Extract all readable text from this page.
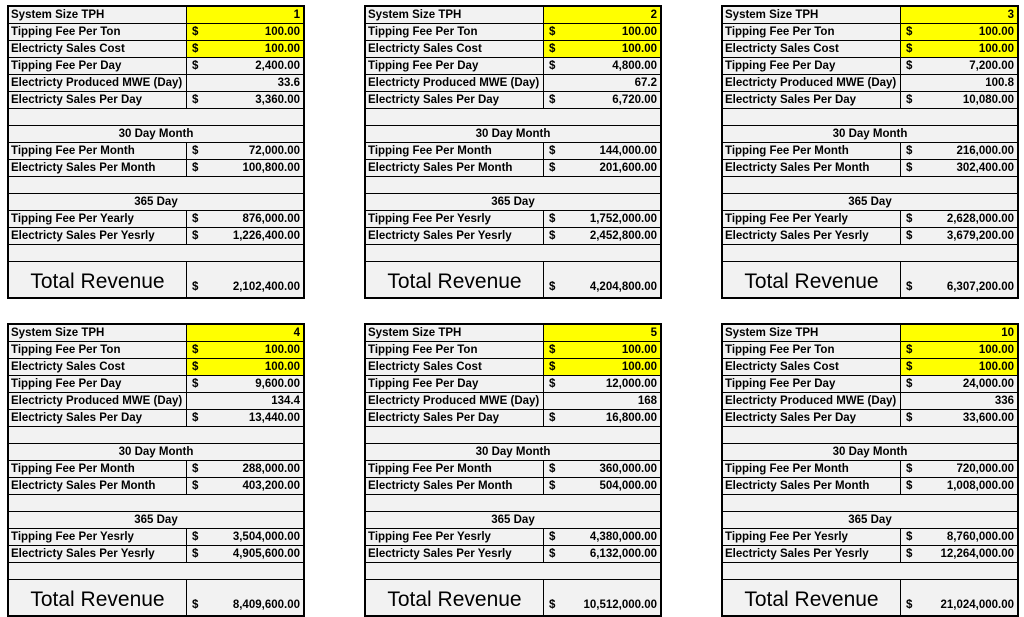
System Size TPH	1
Tipping Fee Per Ton	$	100.00
Electricty Sales Cost	$	100.00
Tipping Fee Per Day	$	2,400.00
Electricty Produced MWE (Day)	33.6
Electricty Sales Per Day	$	3,360.00
30 Day Month
Tipping Fee Per Month	$	72,000.00
Electricty Sales Per Month	$	100,800.00
365 Day
Tipping Fee Per Yearly	$	876,000.00
Electricty Sales Per Yesrly	$	1,226,400.00
Total Revenue	$	2,102,400.00
System Size TPH	2
Tipping Fee Per Ton	$	100.00
Electricty Sales Cost	$	100.00
Tipping Fee Per Day	$	4,800.00
Electricty Produced MWE (Day)	67.2
Electricty Sales Per Day	$	6,720.00
30 Day Month
Tipping Fee Per Month	$	144,000.00
Electricty Sales Per Month	$	201,600.00
365 Day
Tipping Fee Per Yesrly	$	1,752,000.00
Electricty Sales Per Yesrly	$	2,452,800.00
Total Revenue	$	4,204,800.00
System Size TPH	3
Tipping Fee Per Ton	$	100.00
Electricty Sales Cost	$	100.00
Tipping Fee Per Day	$	7,200.00
Electricty Produced MWE (Day)	100.8
Electricty Sales Per Day	$	10,080.00
30 Day Month
Tipping Fee Per Month	$	216,000.00
Electricty Sales Per Month	$	302,400.00
365 Day
Tipping Fee Per Yearly	$	2,628,000.00
Electricty Sales Per Yesrly	$	3,679,200.00
Total Revenue	$	6,307,200.00
System Size TPH	4
Tipping Fee Per Ton	$	100.00
Electricty Sales Cost	$	100.00
Tipping Fee Per Day	$	9,600.00
Electricty Produced MWE (Day)	134.4
Electricty Sales Per Day	$	13,440.00
30 Day Month
Tipping Fee Per Month	$	288,000.00
Electricty Sales Per Month	$	403,200.00
365 Day
Tipping Fee Per Yesrly	$	3,504,000.00
Electricty Sales Per Yesrly	$	4,905,600.00
Total Revenue	$	8,409,600.00
System Size TPH	5
Tipping Fee Per Ton	$	100.00
Electricty Sales Cost	$	100.00
Tipping Fee Per Day	$	12,000.00
Electricty Produced MWE (Day)	168
Electricty Sales Per Day	$	16,800.00
30 Day Month
Tipping Fee Per Month	$	360,000.00
Electricty Sales Per Month	$	504,000.00
365 Day
Tipping Fee Per Yesrly	$	4,380,000.00
Electricty Sales Per Yesrly	$	6,132,000.00
Total Revenue	$	10,512,000.00
System Size TPH	10
Tipping Fee Per Ton	$	100.00
Electricty Sales Cost	$	100.00
Tipping Fee Per Day	$	24,000.00
Electricty Produced MWE (Day)	336
Electricty Sales Per Day	$	33,600.00
30 Day Month
Tipping Fee Per Month	$	720,000.00
Electricty Sales Per Month	$	1,008,000.00
365 Day
Tipping Fee Per Yesrly	$	8,760,000.00
Electricty Sales Per Yesrly	$	12,264,000.00
Total Revenue	$	21,024,000.00
